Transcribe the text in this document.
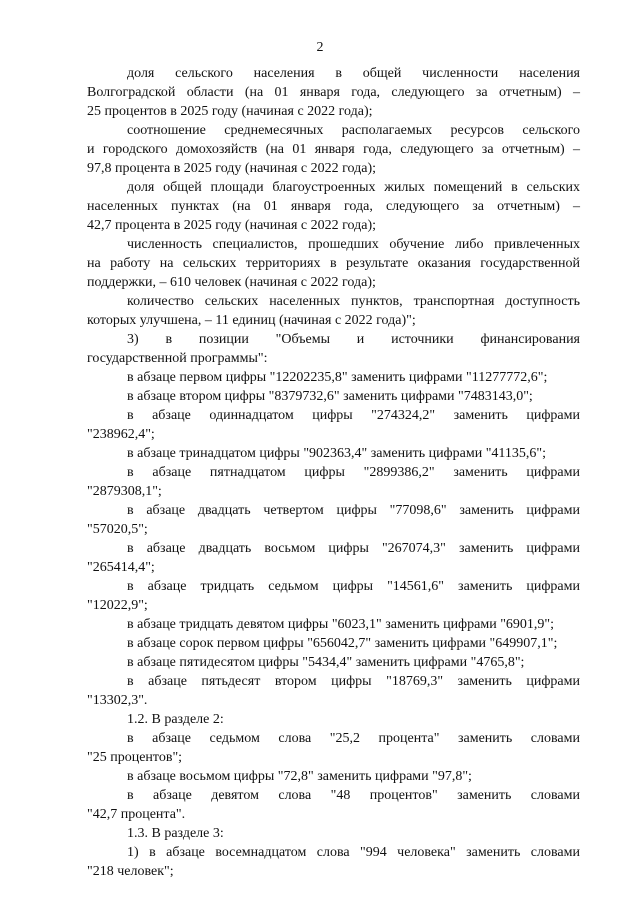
2
доля сельского населения в общей численности населения
Волгоградской области (на 01 января года, следующего за отчетным) –
25 процентов в 2025 году (начиная с 2022 года);
соотношение среднемесячных располагаемых ресурсов сельского
и городского домохозяйств (на 01 января года, следующего за отчетным) –
97,8 процента в 2025 году (начиная с 2022 года);
доля общей площади благоустроенных жилых помещений в сельских
населенных пунктах (на 01 января года, следующего за отчетным) –
42,7 процента в 2025 году (начиная с 2022 года);
численность специалистов, прошедших обучение либо привлеченных
на работу на сельских территориях в результате оказания государственной
поддержки, – 610 человек (начиная с 2022 года);
количество сельских населенных пунктов, транспортная доступность
которых улучшена, – 11 единиц (начиная с 2022 года)";
3) в позиции "Объемы и источники финансирования
государственной программы":
в абзаце первом цифры "12202235,8" заменить цифрами "11277772,6";
в абзаце втором цифры "8379732,6" заменить цифрами "7483143,0";
в абзаце одиннадцатом цифры "274324,2" заменить цифрами
"238962,4";
в абзаце тринадцатом цифры "902363,4" заменить цифрами "41135,6";
в абзаце пятнадцатом цифры "2899386,2" заменить цифрами
"2879308,1";
в абзаце двадцать четвертом цифры "77098,6" заменить цифрами
"57020,5";
в абзаце двадцать восьмом цифры "267074,3" заменить цифрами
"265414,4";
в абзаце тридцать седьмом цифры "14561,6" заменить цифрами
"12022,9";
в абзаце тридцать девятом цифры "6023,1" заменить цифрами "6901,9";
в абзаце сорок первом цифры "656042,7" заменить цифрами "649907,1";
в абзаце пятидесятом цифры "5434,4" заменить цифрами "4765,8";
в абзаце пятьдесят втором цифры "18769,3" заменить цифрами
"13302,3".
1.2. В разделе 2:
в абзаце седьмом слова "25,2 процента" заменить словами
"25 процентов";
в абзаце восьмом цифры "72,8" заменить цифрами "97,8";
в абзаце девятом слова "48 процентов" заменить словами
"42,7 процента".
1.3. В разделе 3:
1) в абзаце восемнадцатом слова "994 человека" заменить словами
"218 человек";
